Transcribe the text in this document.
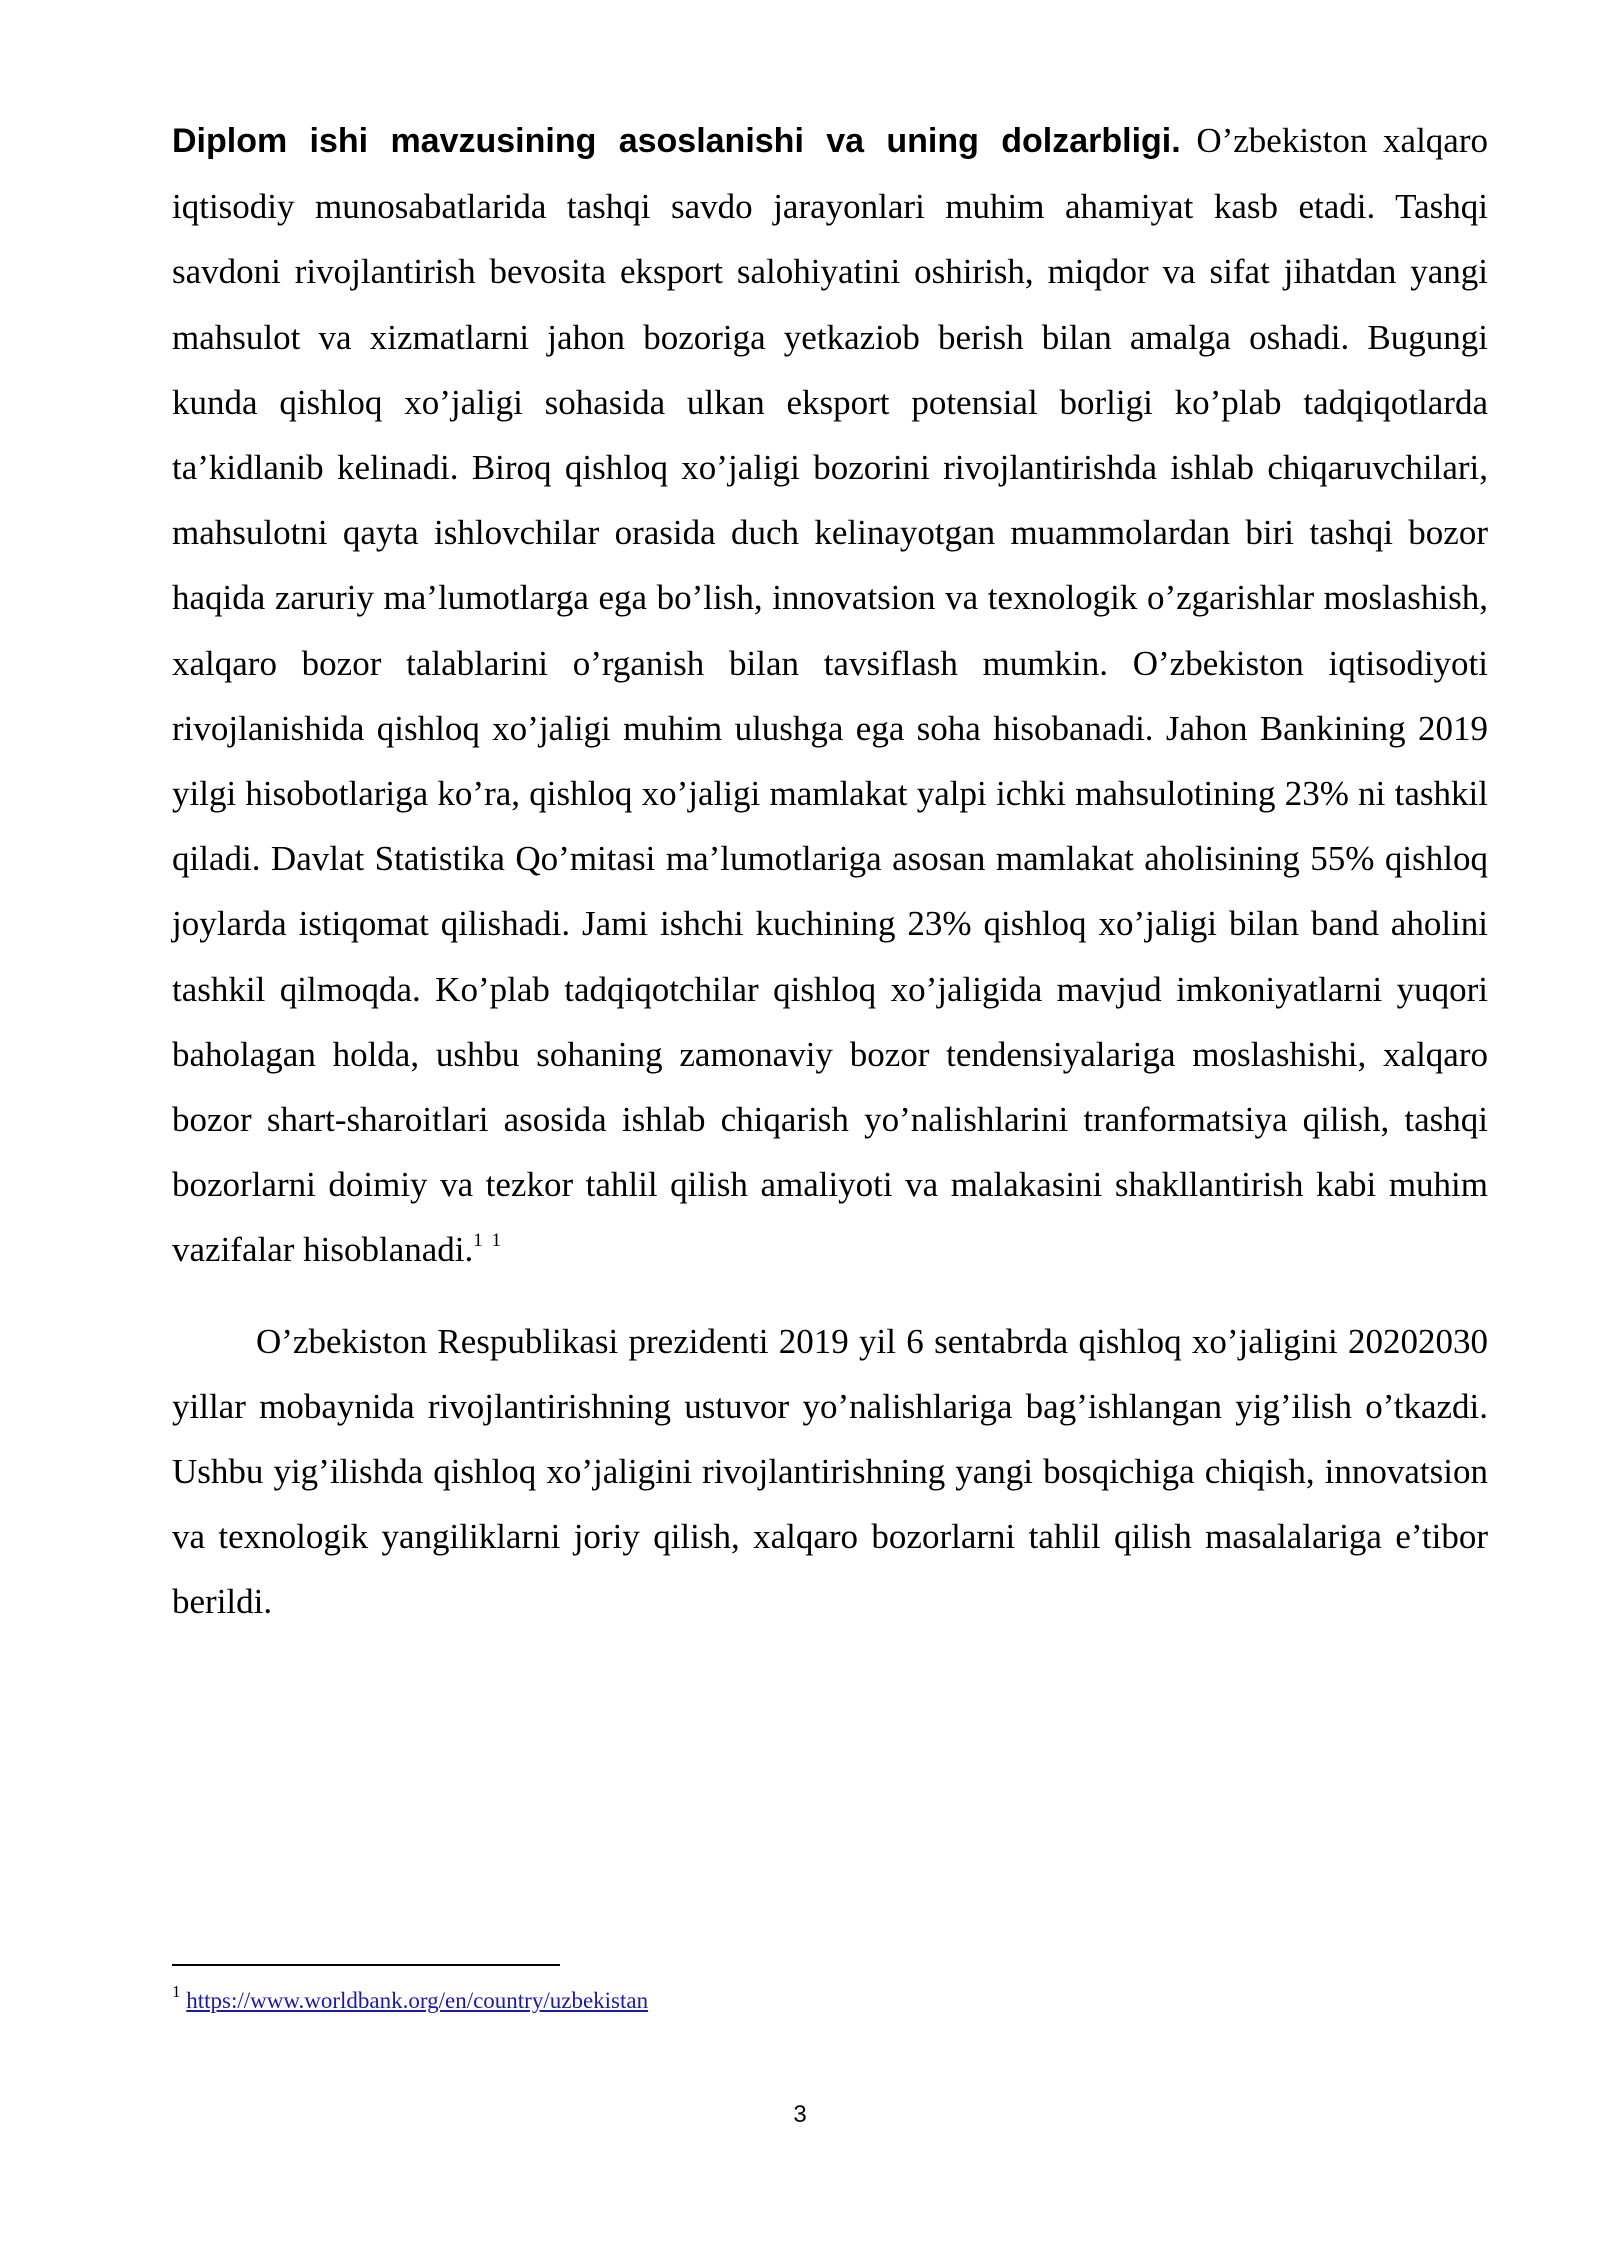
Diplom ishi mavzusining asoslanishi va uning dolzarbligi. O’zbekiston xalqaro iqtisodiy munosabatlarida tashqi savdo jarayonlari muhim ahamiyat kasb etadi. Tashqi savdoni rivojlantirish bevosita eksport salohiyatini oshirish, miqdor va sifat jihatdan yangi mahsulot va xizmatlarni jahon bozoriga yetkaziob berish bilan amalga oshadi. Bugungi kunda qishloq xo’jaligi sohasida ulkan eksport potensial borligi ko’plab tadqiqotlarda ta’kidlanib kelinadi. Biroq qishloq xo’jaligi bozorini rivojlantirishda ishlab chiqaruvchilari, mahsulotni qayta ishlovchilar orasida duch kelinayotgan muammolardan biri tashqi bozor haqida zaruriy ma’lumotlarga ega bo’lish, innovatsion va texnologik o’zgarishlar moslashish, xalqaro bozor talablarini o’rganish bilan tavsiflash mumkin. O’zbekiston iqtisodiyoti rivojlanishida qishloq xo’jaligi muhim ulushga ega soha hisobanadi. Jahon Bankining 2019 yilgi hisobotlariga ko’ra, qishloq xo’jaligi mamlakat yalpi ichki mahsulotining 23% ni tashkil qiladi. Davlat Statistika Qo’mitasi ma’lumotlariga asosan mamlakat aholisining 55% qishloq joylarda istiqomat qilishadi. Jami ishchi kuchining 23% qishloq xo’jaligi bilan band aholini tashkil qilmoqda. Ko’plab tadqiqotchilar qishloq xo’jaligida mavjud imkoniyatlarni yuqori baholagan holda, ushbu sohaning zamonaviy bozor tendensiyalariga moslashishi, xalqaro bozor shart-sharoitlari asosida ishlab chiqarish yo’nalishlarini tranformatsiya qilish, tashqi bozorlarni doimiy va tezkor tahlil qilish amaliyoti va malakasini shakllantirish kabi muhim vazifalar hisoblanadi.$^1$ $^1$

O’zbekiston Respublikasi prezidenti 2019 yil 6 sentabrda qishloq xo’jaligini 20202030 yillar mobaynida rivojlantirishning ustuvor yo’nalishlariga bag’ishlangan yig’ilish o’tkazdi. Ushbu yig’ilishda qishloq xo’jaligini rivojlantirishning yangi bosqichiga chiqish, innovatsion va texnologik yangiliklarni joriy qilish, xalqaro bozorlarni tahlil qilish masalalariga e’tibor berildi.

$^1$ https://www.worldbank.org/en/country/uzbekistan
3
